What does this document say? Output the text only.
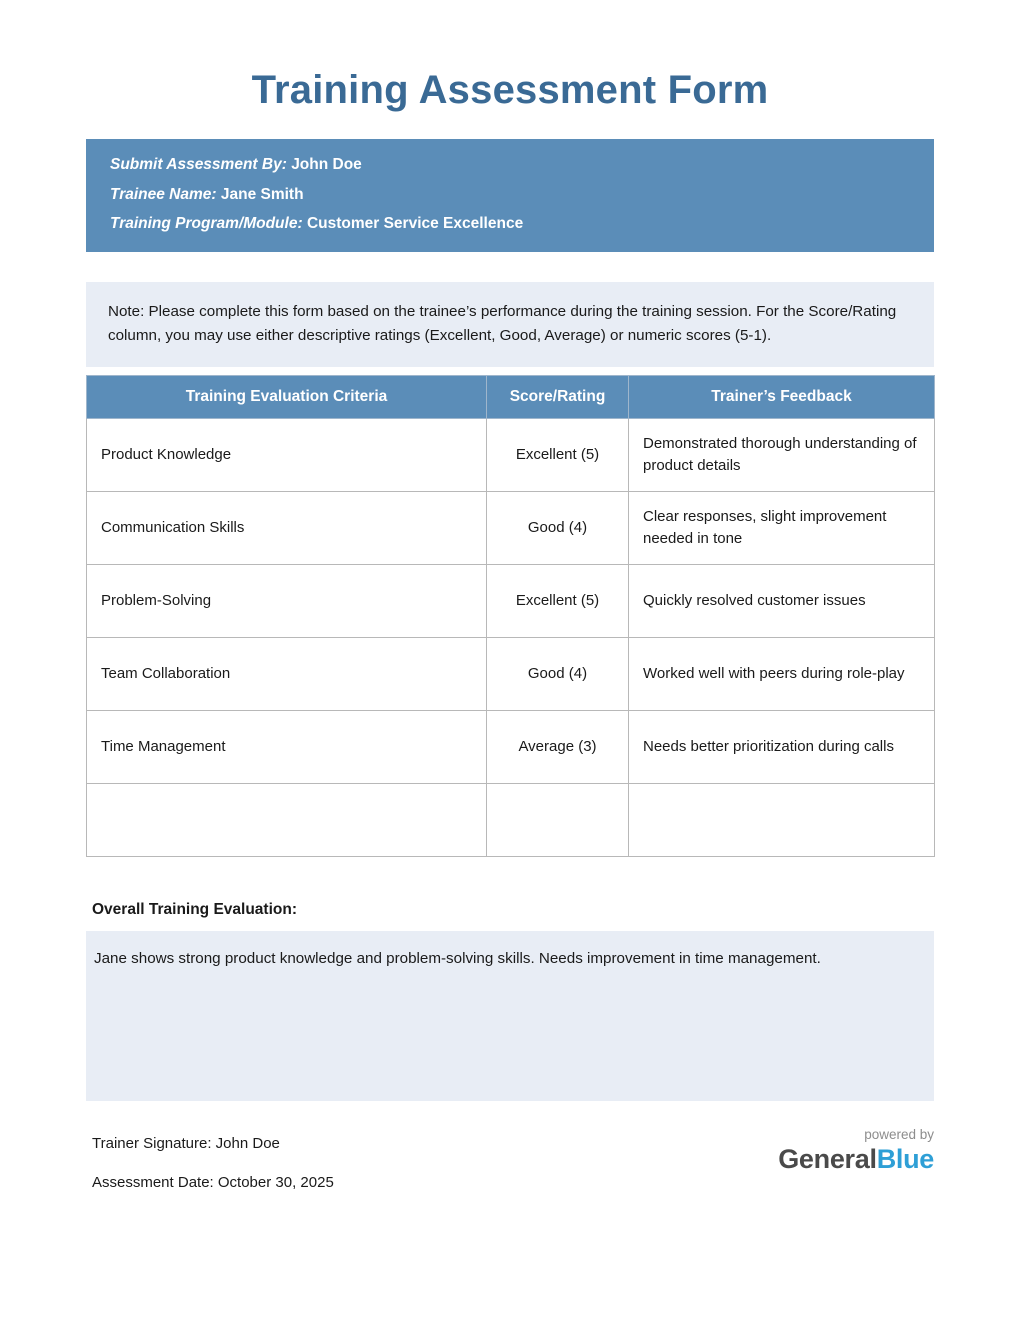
Training Assessment Form
Submit Assessment By: John Doe
Trainee Name: Jane Smith
Training Program/Module: Customer Service Excellence
Note: Please complete this form based on the trainee’s performance during the training session. For the Score/Rating column, you may use either descriptive ratings (Excellent, Good, Average) or numeric scores (5-1).
Training Evaluation Criteria	Score/Rating	Trainer’s Feedback
Product Knowledge	Excellent (5)	Demonstrated thorough understanding of product details
Communication Skills	Good (4)	Clear responses, slight improvement needed in tone
Problem-Solving	Excellent (5)	Quickly resolved customer issues
Team Collaboration	Good (4)	Worked well with peers during role-play
Time Management	Average (3)	Needs better prioritization during calls

Overall Training Evaluation:
Jane shows strong product knowledge and problem-solving skills. Needs improvement in time management.
Trainer Signature: John Doe
Assessment Date: October 30, 2025
powered by
GeneralBlue
